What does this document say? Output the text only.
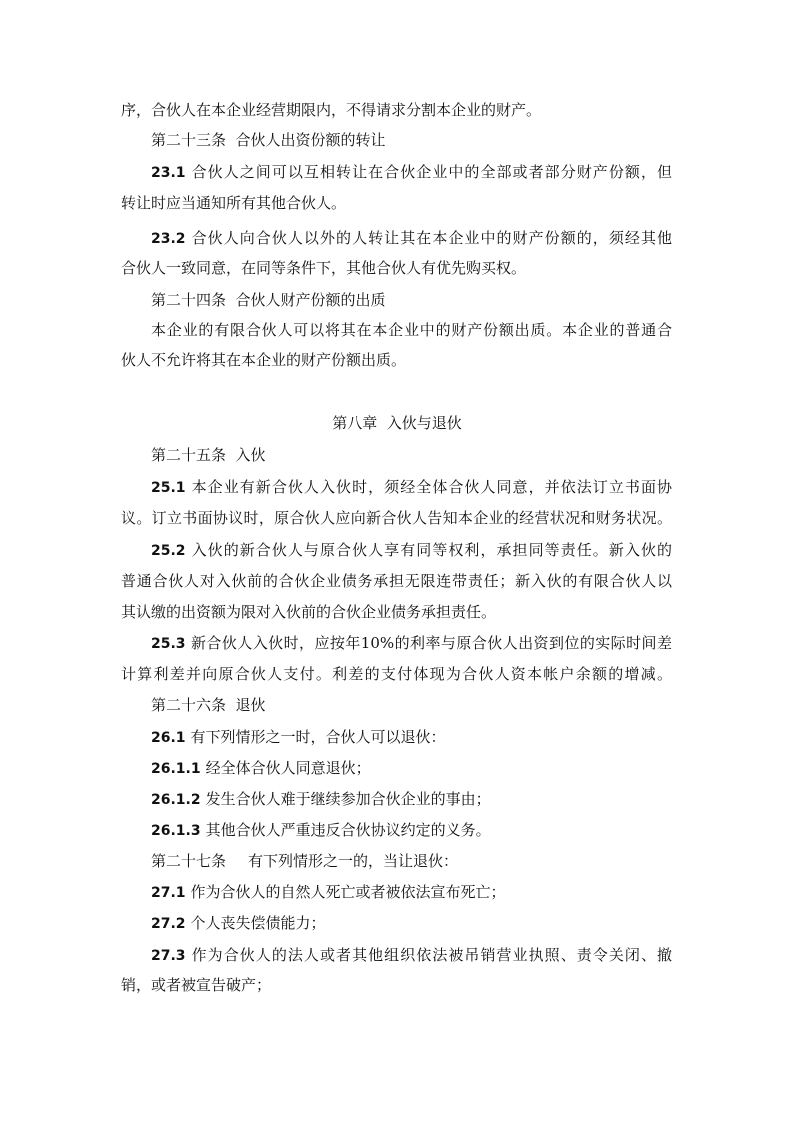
序，合伙人在本企业经营期限内，不得请求分割本企业的财产。
第二十三条  合伙人出资份额的转让
23.1 合伙人之间可以互相转让在合伙企业中的全部或者部分财产份额，但
转让时应当通知所有其他合伙人。
23.2 合伙人向合伙人以外的人转让其在本企业中的财产份额的，须经其他
合伙人一致同意，在同等条件下，其他合伙人有优先购买权。
第二十四条  合伙人财产份额的出质
本企业的有限合伙人可以将其在本企业中的财产份额出质。本企业的普通合
伙人不允许将其在本企业的财产份额出质。
第八章  入伙与退伙
第二十五条  入伙
25.1 本企业有新合伙人入伙时，须经全体合伙人同意，并依法订立书面协
议。订立书面协议时，原合伙人应向新合伙人告知本企业的经营状况和财务状况。
25.2 入伙的新合伙人与原合伙人享有同等权利，承担同等责任。新入伙的
普通合伙人对入伙前的合伙企业债务承担无限连带责任；新入伙的有限合伙人以
其认缴的出资额为限对入伙前的合伙企业债务承担责任。
25.3 新合伙人入伙时，应按年10%的利率与原合伙人出资到位的实际时间差
计算利差并向原合伙人支付。利差的支付体现为合伙人资本帐户余额的增减。
第二十六条  退伙
26.1 有下列情形之一时，合伙人可以退伙：
26.1.1 经全体合伙人同意退伙；
26.1.2 发生合伙人难于继续参加合伙企业的事由；
26.1.3 其他合伙人严重违反合伙协议约定的义务。
第二十七条 有下列情形之一的，当让退伙：
27.1 作为合伙人的自然人死亡或者被依法宣布死亡；
27.2 个人丧失偿债能力；
27.3 作为合伙人的法人或者其他组织依法被吊销营业执照、责令关闭、撤
销，或者被宣告破产；
